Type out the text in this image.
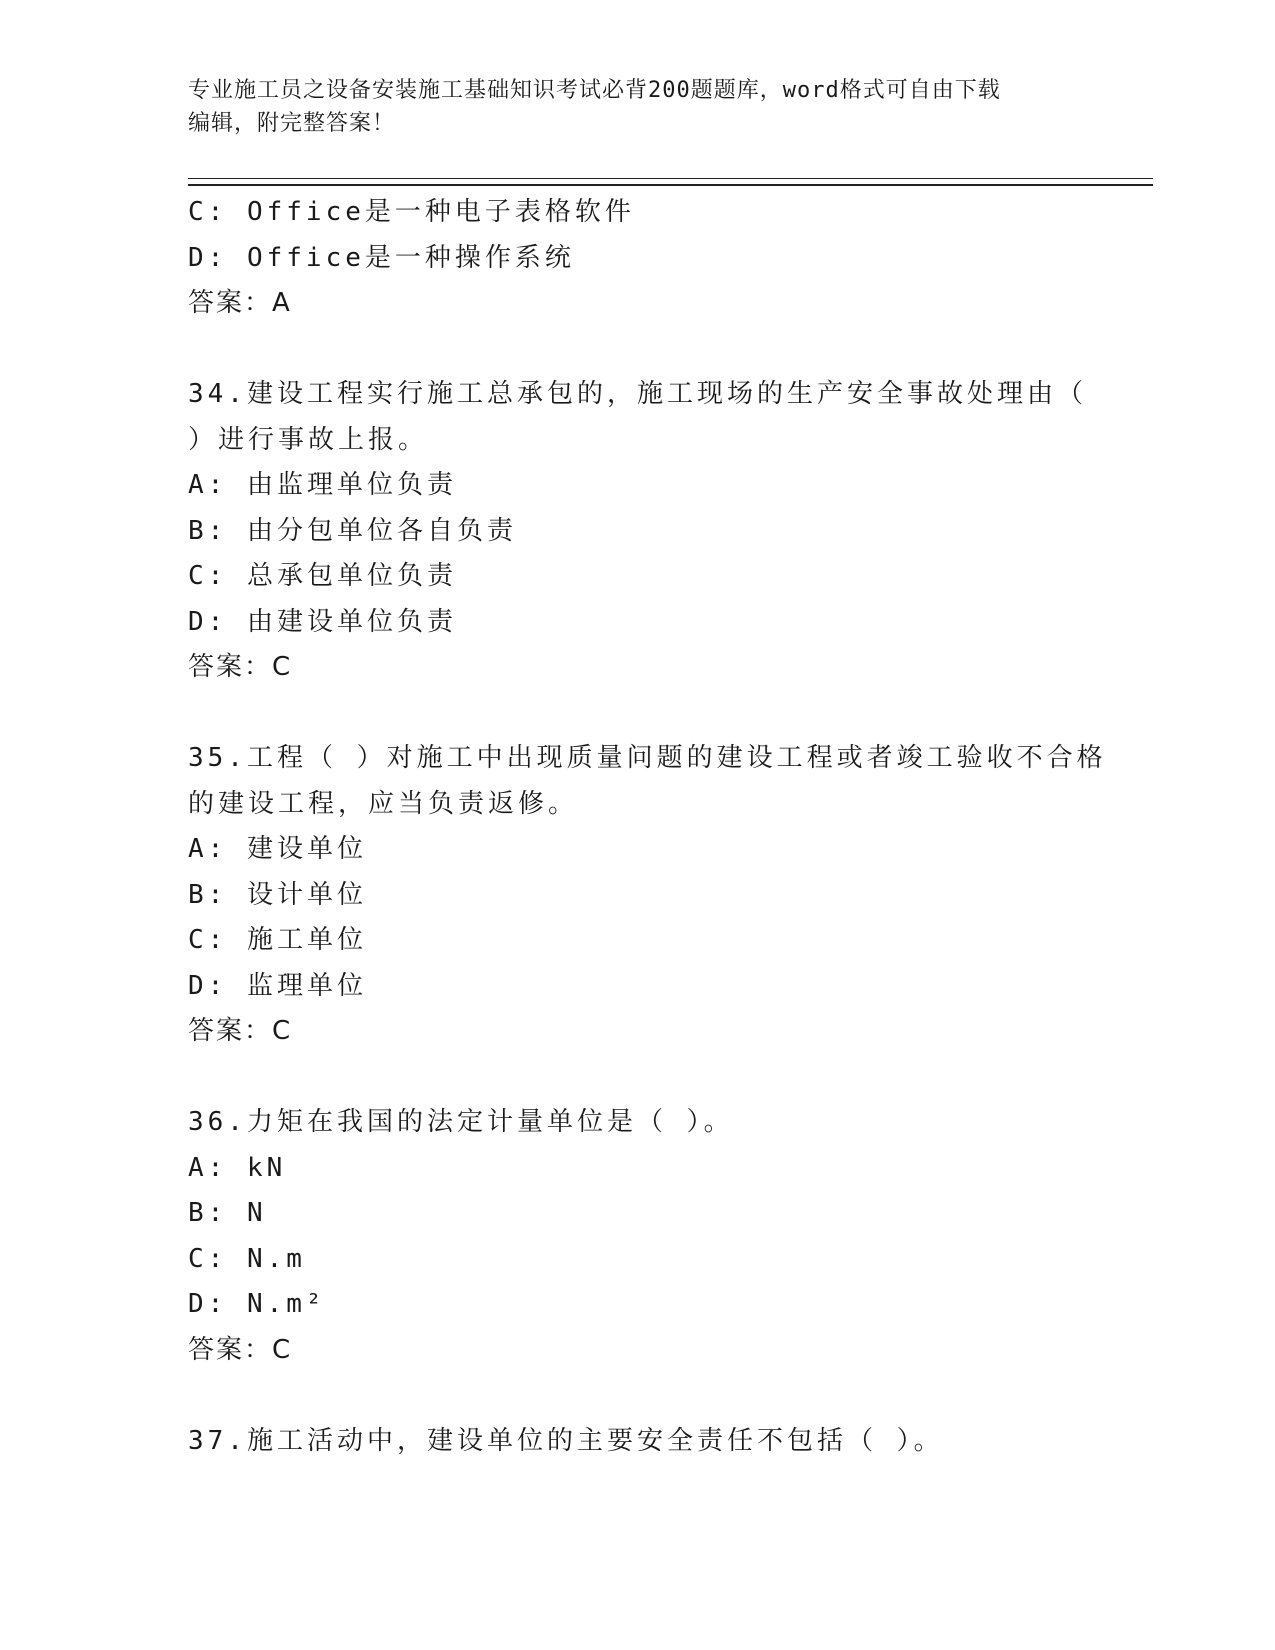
专业施工员之设备安装施工基础知识考试必背200题题库，word格式可自由下载
编辑，附完整答案！
C: Office是一种电子表格软件
D: Office是一种操作系统
答案：A
34.建设工程实行施工总承包的，施工现场的生产安全事故处理由（
）进行事故上报。
A: 由监理单位负责
B: 由分包单位各自负责
C: 总承包单位负责
D: 由建设单位负责
答案：C
35.工程（ ）对施工中出现质量问题的建设工程或者竣工验收不合格
的建设工程，应当负责返修。
A: 建设单位
B: 设计单位
C: 施工单位
D: 监理单位
答案：C
36.力矩在我国的法定计量单位是（ ）。
A: kN
B: N
C: N.m
D: N.m²
答案：C
37.施工活动中，建设单位的主要安全责任不包括（ ）。
